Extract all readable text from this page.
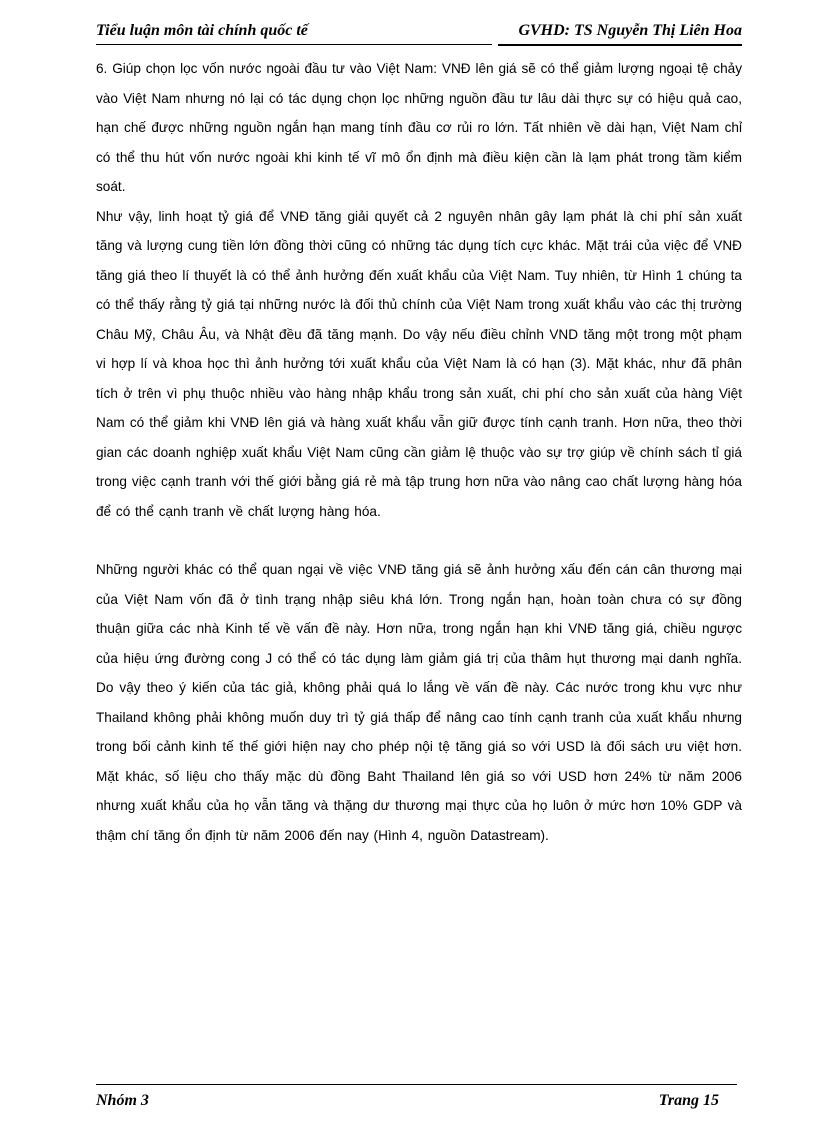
Tiểu luận môn tài chính quốc tế	GVHD: TS Nguyễn Thị Liên Hoa

6. Giúp chọn lọc vốn nước ngoài đầu tư vào Việt Nam: VNĐ lên giá sẽ có thể giảm lượng ngoại tệ chảy vào Việt Nam nhưng nó lại có tác dụng chọn lọc những nguồn đầu tư lâu dài thực sự có hiệu quả cao, hạn chế được những nguồn ngắn hạn mang tính đầu cơ rủi ro lớn. Tất nhiên về dài hạn, Việt Nam chỉ có thể thu hút vốn nước ngoài khi kinh tế vĩ mô ổn định mà điều kiện cần là lạm phát trong tầm kiểm soát.

Như vậy, linh hoạt tỷ giá để VNĐ tăng giải quyết cả 2 nguyên nhân gây lạm phát là chi phí sản xuất tăng và lượng cung tiền lớn đồng thời cũng có những tác dụng tích cực khác. Mặt trái của việc để VNĐ tăng giá theo lí thuyết là có thể ảnh hưởng đến xuất khẩu của Việt Nam. Tuy nhiên, từ Hình 1 chúng ta có thể thấy rằng tỷ giá tại những nước là đối thủ chính của Việt Nam trong xuất khẩu vào các thị trường Châu Mỹ, Châu Âu, và Nhật đều đã tăng mạnh. Do vậy nếu điều chỉnh VND tăng một trong một phạm vi hợp lí và khoa học thì ảnh hưởng tới xuất khẩu của Việt Nam là có hạn (3). Mặt khác, như đã phân tích ở trên vì phụ thuộc nhiều vào hàng nhập khẩu trong sản xuất, chi phí cho sản xuất của hàng Việt Nam có thể giảm khi VNĐ lên giá và hàng xuất khẩu vẫn giữ được tính cạnh tranh. Hơn nữa, theo thời gian các doanh nghiệp xuất khẩu Việt Nam cũng cần giảm lệ thuộc vào sự trợ giúp về chính sách tỉ giá trong việc cạnh tranh với thế giới bằng giá rẻ mà tập trung hơn nữa vào nâng cao chất lượng hàng hóa để có thể cạnh tranh về chất lượng hàng hóa.

Những người khác có thể quan ngại về việc VNĐ tăng giá sẽ ảnh hưởng xấu đến cán cân thương mại của Việt Nam vốn đã ở tình trạng nhập siêu khá lớn. Trong ngắn hạn, hoàn toàn chưa có sự đồng thuận giữa các nhà Kinh tế về vấn đề này. Hơn nữa, trong ngắn hạn khi VNĐ tăng giá, chiều ngược của hiệu ứng đường cong J có thể có tác dụng làm giảm giá trị của thâm hụt thương mại danh nghĩa. Do vậy theo ý kiến của tác giả, không phải quá lo lắng về vấn đề này. Các nước trong khu vực như Thailand không phải không muốn duy trì tỷ giá thấp để nâng cao tính cạnh tranh của xuất khẩu nhưng trong bối cảnh kinh tế thế giới hiện nay cho phép nội tệ tăng giá so với USD là đối sách ưu việt hơn. Mặt khác, số liệu cho thấy mặc dù đồng Baht Thailand lên giá so với USD hơn 24% từ năm 2006 nhưng xuất khẩu của họ vẫn tăng và thặng dư thương mại thực của họ luôn ở mức hơn 10% GDP và thậm chí tăng ổn định từ năm 2006 đến nay (Hình 4, nguồn Datastream).

Nhóm 3	Trang 15
